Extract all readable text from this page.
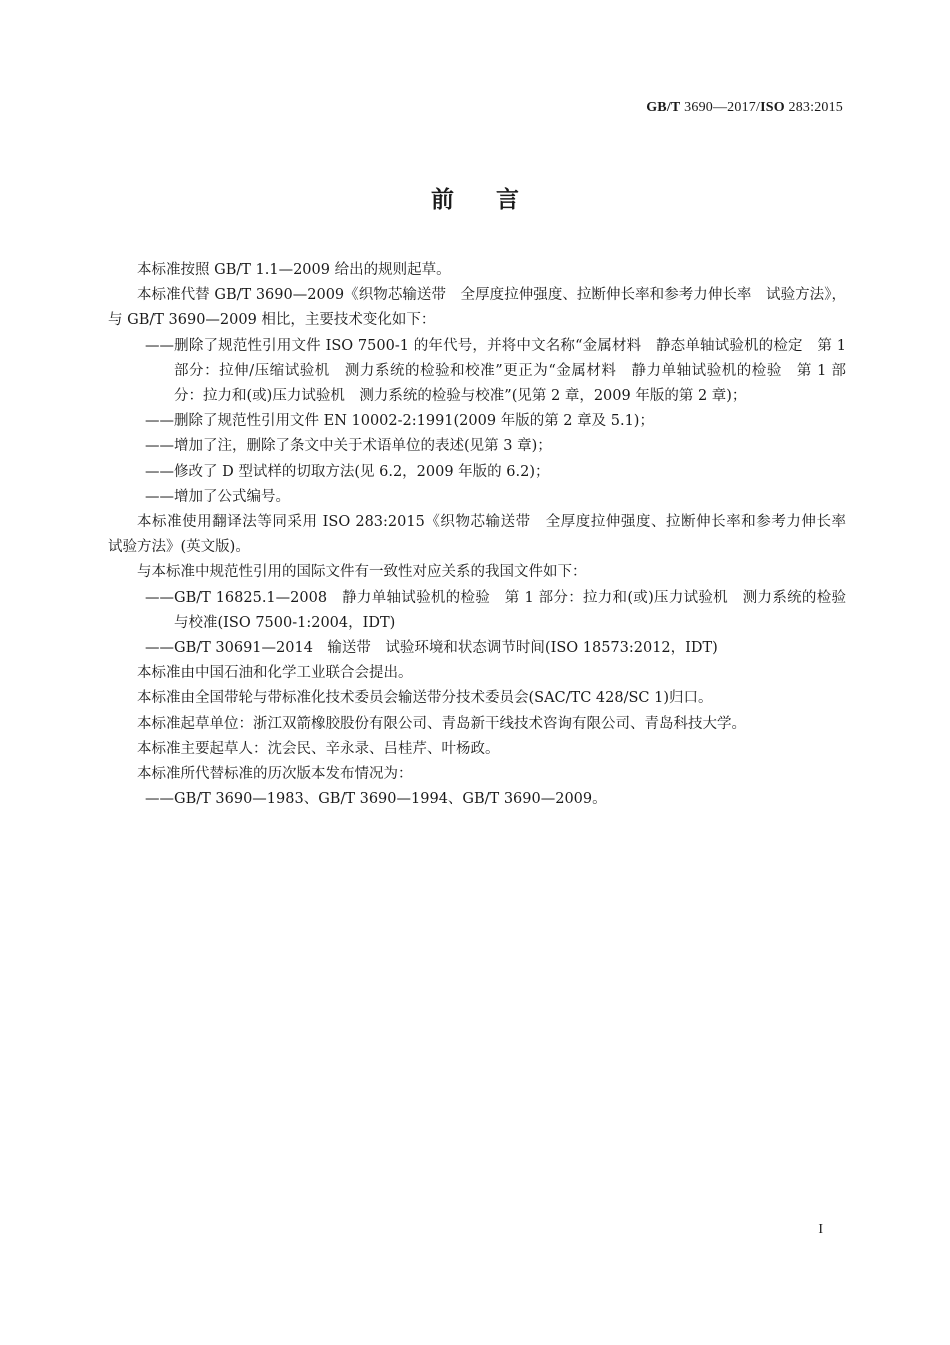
GB/T 3690—2017/ISO 283:2015
前言

本标准按照 GB/T 1.1—2009 给出的规则起草。

本标准代替 GB/T 3690—2009《织物芯输送带　全厚度拉伸强度、拉断伸长率和参考力伸长率　试验方法》，与 GB/T 3690—2009 相比，主要技术变化如下：

——删除了规范性引用文件 ISO 7500-1 的年代号，并将中文名称“金属材料　静态单轴试验机的检定　第 1 部分：拉伸/压缩试验机　测力系统的检验和校准”更正为“金属材料　静力单轴试验机的检验　第 1 部分：拉力和(或)压力试验机　测力系统的检验与校准”(见第 2 章，2009 年版的第 2 章)；

——删除了规范性引用文件 EN 10002-2:1991(2009 年版的第 2 章及 5.1)；

——增加了注，删除了条文中关于术语单位的表述(见第 3 章)；

——修改了 D 型试样的切取方法(见 6.2，2009 年版的 6.2)；

——增加了公式编号。

本标准使用翻译法等同采用 ISO 283:2015《织物芯输送带　全厚度拉伸强度、拉断伸长率和参考力伸长率　试验方法》(英文版)。

与本标准中规范性引用的国际文件有一致性对应关系的我国文件如下：

——GB/T 16825.1—2008　静力单轴试验机的检验　第 1 部分：拉力和(或)压力试验机　测力系统的检验与校准(ISO 7500-1:2004，IDT)

——GB/T 30691—2014　输送带　试验环境和状态调节时间(ISO 18573:2012，IDT)

本标准由中国石油和化学工业联合会提出。

本标准由全国带轮与带标准化技术委员会输送带分技术委员会(SAC/TC 428/SC 1)归口。

本标准起草单位：浙江双箭橡胶股份有限公司、青岛新干线技术咨询有限公司、青岛科技大学。

本标准主要起草人：沈会民、辛永录、吕桂芹、叶杨政。

本标准所代替标准的历次版本发布情况为：

——GB/T 3690—1983、GB/T 3690—1994、GB/T 3690—2009。

I
